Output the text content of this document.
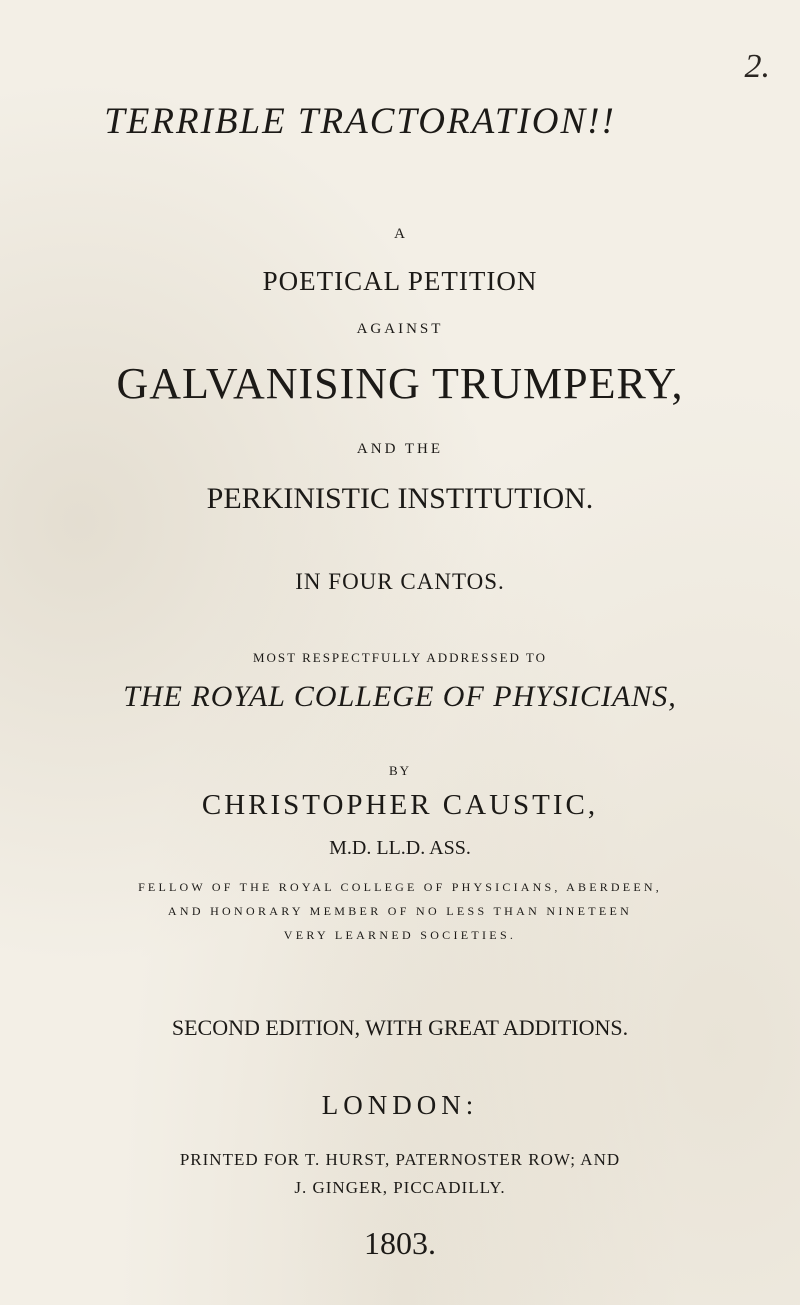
2.
TERRIBLE TRACTORATION!!
A
POETICAL PETITION
AGAINST
GALVANISING TRUMPERY,
AND THE
PERKINISTIC INSTITUTION.
IN FOUR CANTOS.
MOST RESPECTFULLY ADDRESSED TO
THE ROYAL COLLEGE OF PHYSICIANS,
BY
CHRISTOPHER CAUSTIC,
M.D. LL.D. ASS.
FELLOW OF THE ROYAL COLLEGE OF PHYSICIANS, ABERDEEN,
AND HONORARY MEMBER OF NO LESS THAN NINETEEN
VERY LEARNED SOCIETIES.
SECOND EDITION, WITH GREAT ADDITIONS.
LONDON:
PRINTED FOR T. HURST, PATERNOSTER ROW; AND
J. GINGER, PICCADILLY.
1803.
